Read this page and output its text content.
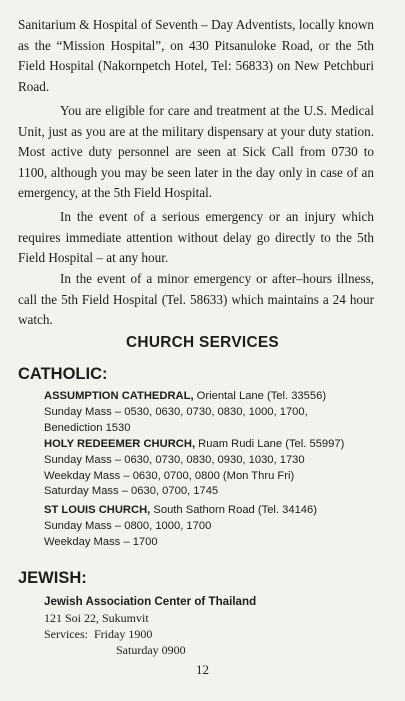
Sanitarium & Hospital of Seventh – Day Adventists, locally known as the “Mission Hospital”, on 430 Pitsanuloke Road, or the 5th Field Hospital (Nakornpetch Hotel, Tel: 56833) on New Petchburi Road.
You are eligible for care and treatment at the U.S. Medical Unit, just as you are at the military dispensary at your duty station. Most active duty personnel are seen at Sick Call from 0730 to 1100, although you may be seen later in the day only in case of an emergency, at the 5th Field Hospital.
In the event of a serious emergency or an injury which requires immediate attention without delay go directly to the 5th Field Hospital – at any hour.
In the event of a minor emergency or after–hours illness, call the 5th Field Hospital (Tel. 58633) which maintains a 24 hour watch.
CHURCH SERVICES
CATHOLIC:
ASSUMPTION CATHEDRAL, Oriental Lane (Tel. 33556)
Sunday Mass – 0530, 0630, 0730, 0830, 1000, 1700,
Benediction 1530
HOLY REDEEMER CHURCH, Ruam Rudi Lane (Tel. 55997)
Sunday Mass – 0630, 0730, 0830, 0930, 1030, 1730
Weekday Mass – 0630, 0700, 0800 (Mon Thru Fri)
Saturday Mass – 0630, 0700, 1745
ST LOUIS CHURCH, South Sathorn Road (Tel. 34146)
Sunday Mass – 0800, 1000, 1700
Weekday Mass – 1700
JEWISH:
Jewish Association Center of Thailand
121 Soi 22, Sukumvit
Services: Friday 1900
Saturday 0900
12
